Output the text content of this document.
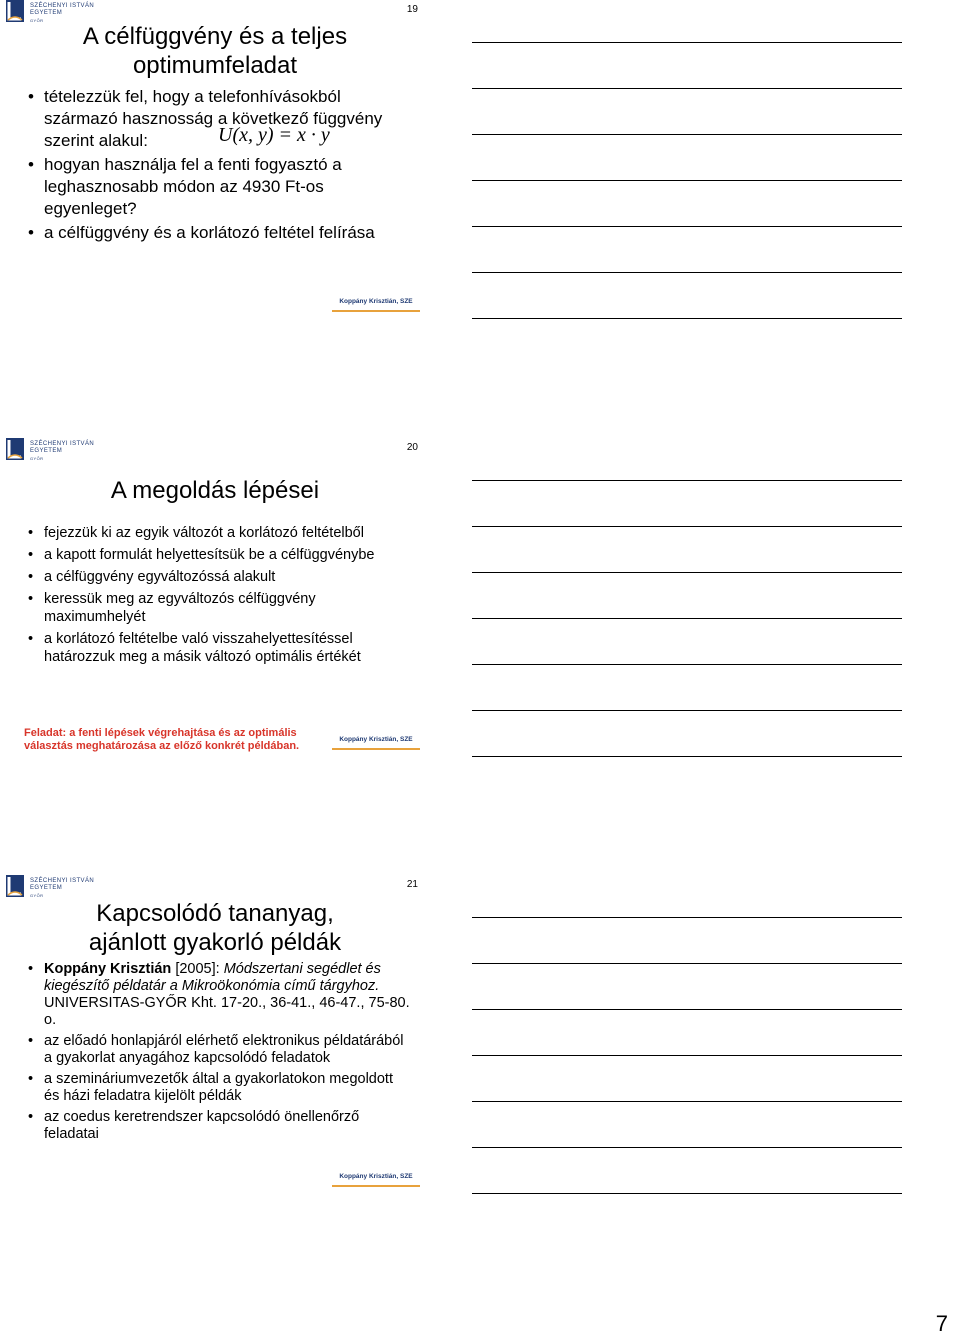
SZÉCHENYI ISTVÁN
EGYETEM
GYŐR
19
A célfüggvény és a teljes optimumfeladat
• tételezzük fel, hogy a telefonhívásokból származó hasznosság a következő függvény szerint alakul:	U(x, y) = x · y
• hogyan használja fel a fenti fogyasztó a leghasznosabb módon az 4930 Ft-os egyenleget?
• a célfüggvény és a korlátozó feltétel felírása
Koppány Krisztián, SZE
SZÉCHENYI ISTVÁN
EGYETEM
GYŐR
20
A megoldás lépései
• fejezzük ki az egyik változót a korlátozó feltételből
• a kapott formulát helyettesítsük be a célfüggvénybe
• a célfüggvény egyváltozóssá alakult
• keressük meg az egyváltozós célfüggvény maximumhelyét
• a korlátozó feltételbe való visszahelyettesítéssel határozzuk meg a másik változó optimális értékét
Feladat: a fenti lépések végrehajtása és az optimális választás meghatározása az előző konkrét példában.
Koppány Krisztián, SZE
SZÉCHENYI ISTVÁN
EGYETEM
GYŐR
21
Kapcsolódó tananyag, ajánlott gyakorló példák
• Koppány Krisztián [2005]: Módszertani segédlet és kiegészítő példatár a Mikroökonómia című tárgyhoz. UNIVERSITAS-GYŐR Kht. 17-20., 36-41., 46-47., 75-80. o.
• az előadó honlapjáról elérhető elektronikus példatárából a gyakorlat anyagához kapcsolódó feladatok
• a szemináriumvezetők által a gyakorlatokon megoldott és házi feladatra kijelölt példák
• az coedus keretrendszer kapcsolódó önellenőrző feladatai
Koppány Krisztián, SZE
7
